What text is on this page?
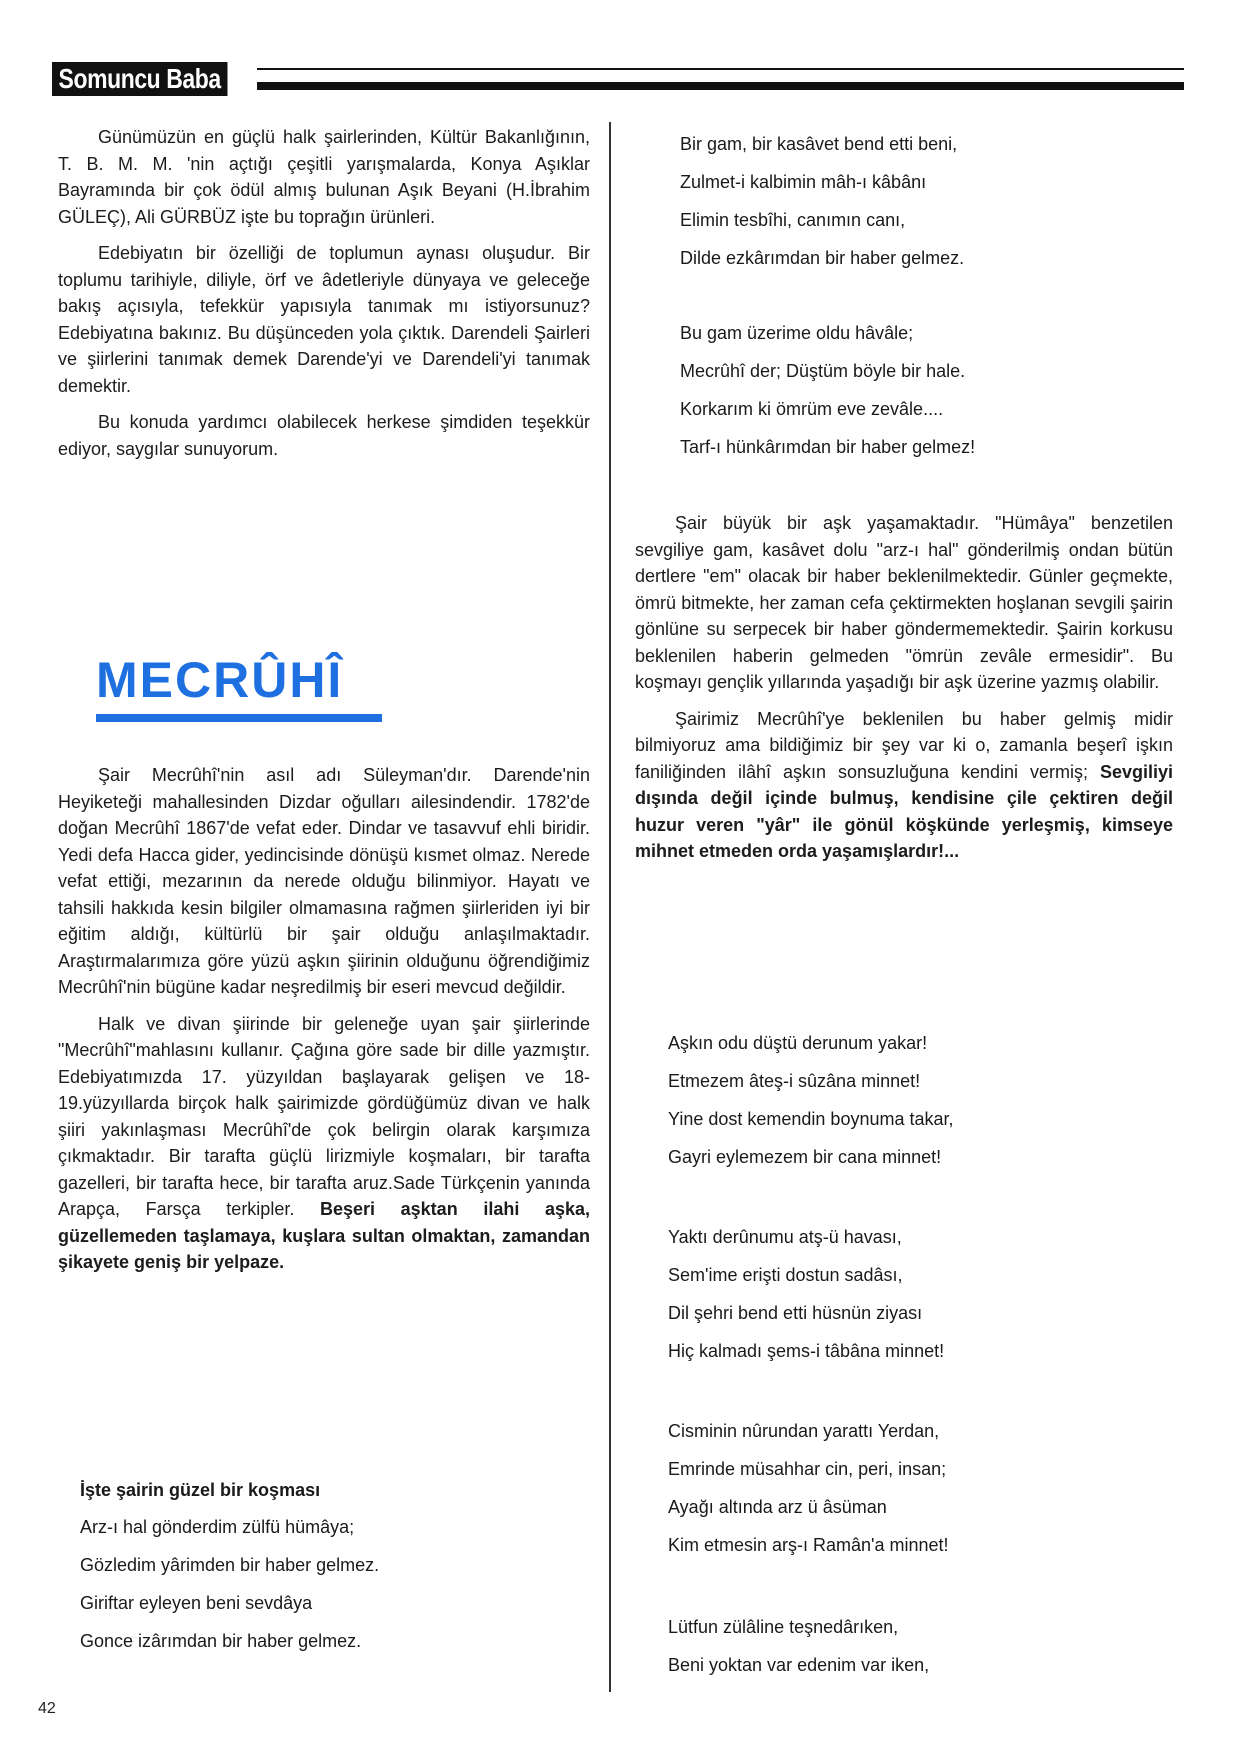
Somuncu Baba

Günümüzün en güçlü halk şairlerinden, Kültür Bakanlığının, T. B. M. M. 'nin açtığı çeşitli yarışmalarda, Konya Aşıklar Bayramında bir çok ödül almış bulunan Aşık Beyani (H.İbrahim GÜLEÇ), Ali GÜRBÜZ işte bu toprağın ürünleri.

Edebiyatın bir özelliği de toplumun aynası oluşudur. Bir toplumu tarihiyle, diliyle, örf ve âdetleriyle dünyaya ve geleceğe bakış açısıyla, tefekkür yapısıyla tanımak mı istiyorsunuz? Edebiyatına bakınız. Bu düşünceden yola çıktık. Darendeli Şairleri ve şiirlerini tanımak demek Darende'yi ve Darendeli'yi tanımak demektir.

Bu konuda yardımcı olabilecek herkese şimdiden teşekkür ediyor, saygılar sunuyorum.

MECRÛHÎ

Şair Mecrûhî'nin asıl adı Süleyman'dır. Darende'nin Heyiketeği mahallesinden Dizdar oğulları ailesindendir. 1782'de doğan Mecrûhî 1867'de vefat eder. Dindar ve tasavvuf ehli biridir. Yedi defa Hacca gider, yedincisinde dönüşü kısmet olmaz. Nerede vefat ettiği, mezarının da nerede olduğu bilinmiyor. Hayatı ve tahsili hakkıda kesin bilgiler olmamasına rağmen şiirleriden iyi bir eğitim aldığı, kültürlü bir şair olduğu anlaşılmaktadır. Araştırmalarımıza göre yüzü aşkın şiirinin olduğunu öğrendiğimiz Mecrûhî'nin bügüne kadar neşredilmiş bir eseri mevcud değildir.

Halk ve divan şiirinde bir geleneğe uyan şair şiirlerinde "Mecrûhî"mahlasını kullanır. Çağına göre sade bir dille yazmıştır. Edebiyatımızda 17. yüzyıldan başlayarak gelişen ve 18-19.yüzyıllarda birçok halk şairimizde gördüğümüz divan ve halk şiiri yakınlaşması Mecrûhî'de çok belirgin olarak karşımıza çıkmaktadır. Bir tarafta güçlü lirizmiyle koşmaları, bir tarafta gazelleri, bir tarafta hece, bir tarafta aruz.Sade Türkçenin yanında Arapça, Farsça terkipler. Beşeri aşktan ilahi aşka, güzellemeden taşlamaya, kuşlara sultan olmaktan, zamandan şikayete geniş bir yelpaze.

İşte şairin güzel bir koşması
Arz-ı hal gönderdim zülfü hümâya;
Gözledim yârimden bir haber gelmez.
Giriftar eyleyen beni sevdâya
Gonce izârımdan bir haber gelmez.
Bir gam, bir kasâvet bend etti beni,
Zulmet-i kalbimin mâh-ı kâbânı
Elimin tesbîhi, canımın canı,
Dilde ezkârımdan bir haber gelmez.
Bu gam üzerime oldu hâvâle;
Mecrûhî der; Düştüm böyle bir hale.
Korkarım ki ömrüm eve zevâle....
Tarf-ı hünkârımdan bir haber gelmez!

Şair büyük bir aşk yaşamaktadır. "Hümâya" benzetilen sevgiliye gam, kasâvet dolu "arz-ı hal" gönderilmiş ondan bütün dertlere "em" olacak bir haber beklenilmektedir. Günler geçmekte, ömrü bitmekte, her zaman cefa çektirmekten hoşlanan sevgili şairin gönlüne su serpecek bir haber göndermemektedir. Şairin korkusu beklenilen haberin gelmeden "ömrün zevâle ermesidir". Bu koşmayı gençlik yıllarında yaşadığı bir aşk üzerine yazmış olabilir.

Şairimiz Mecrûhî'ye beklenilen bu haber gelmiş midir bilmiyoruz ama bildiğimiz bir şey var ki o, zamanla beşerî işkın faniliğinden ilâhî aşkın sonsuzluğuna kendini vermiş; Sevgiliyi dışında değil içinde bulmuş, kendisine çile çektiren değil huzur veren "yâr" ile gönül köşkünde yerleşmiş, kimseye mihnet etmeden orda yaşamışlardır!...

Aşkın odu düştü derunum yakar!
Etmezem âteş-i sûzâna minnet!
Yine dost kemendin boynuma takar,
Gayri eylemezem bir cana minnet!
Yaktı derûnumu atş-ü havası,
Sem'ime erişti dostun sadâsı,
Dil şehri bend etti hüsnün ziyası
Hiç kalmadı şems-i tâbâna minnet!
Cisminin nûrundan yarattı Yerdan,
Emrinde müsahhar cin, peri, insan;
Ayağı altında arz ü âsüman
Kim etmesin arş-ı Ramân'a minnet!
Lütfun zülâline teşnedârıken,
Beni yoktan var edenim var iken,
42
